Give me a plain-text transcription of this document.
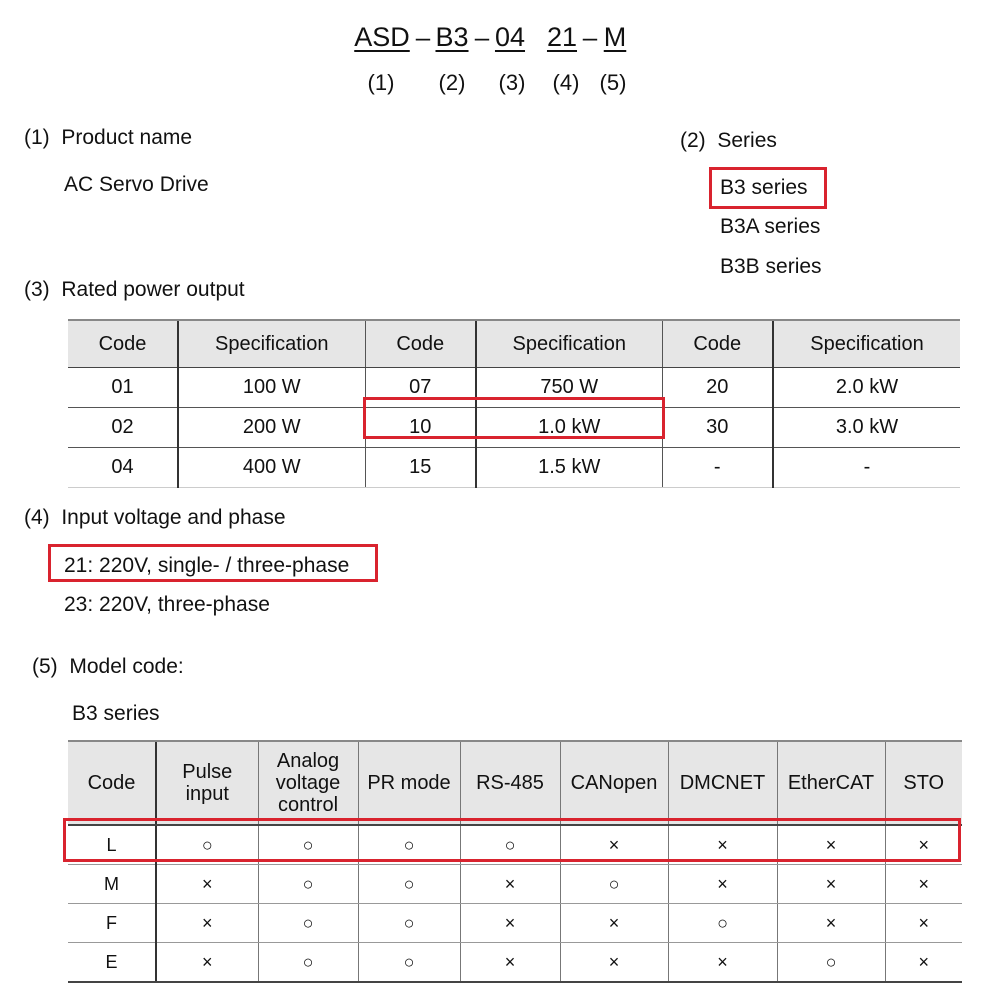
ASD – B3 – 04 21 – M
(1)	(2)	(3)	(4) (5)
(1) Product name
AC Servo Drive
(2) Series
B3 series
B3A series
B3B series
(3) Rated power output
Code	Specification	Code	Specification	Code	Specification
01	100 W	07	750 W	20	2.0 kW
02	200 W	10	1.0 kW	30	3.0 kW
04	400 W	15	1.5 kW	-	-
(4) Input voltage and phase
21: 220V, single- / three-phase
23: 220V, three-phase
(5) Model code:
B3 series
Code	Pulse input	Analog voltage control	PR mode	RS-485	CANopen	DMCNET	EtherCAT	STO
L	○	○	○	○	×	×	×	×
M	×	○	○	×	○	×	×	×
F	×	○	○	×	×	○	×	×
E	×	○	○	×	×	×	○	×
